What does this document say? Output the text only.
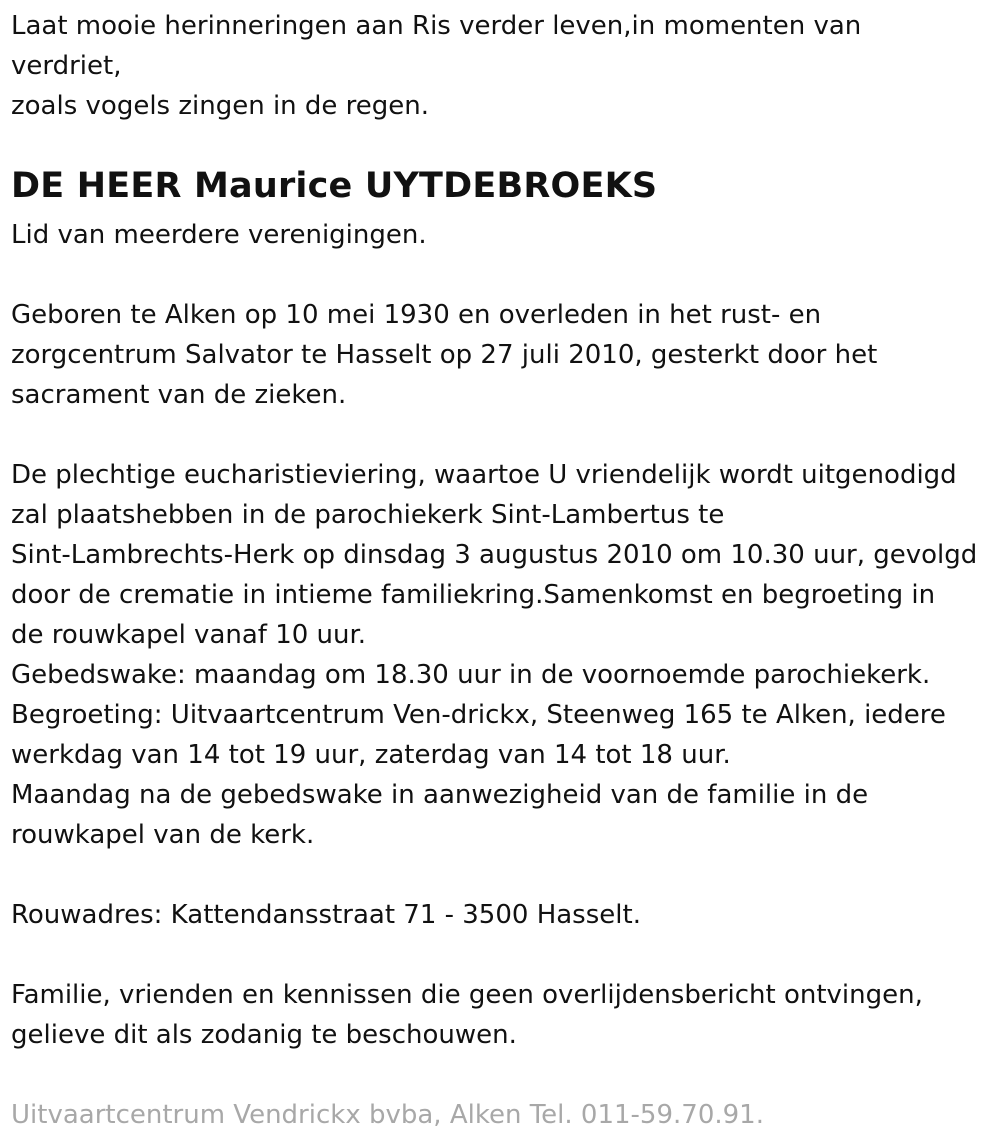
Laat mooie herinneringen aan Ris verder leven,in momenten van

verdriet,

zoals vogels zingen in de regen.

DE HEER Maurice UYTDEBROEKS

Lid van meerdere verenigingen.

Geboren te Alken op 10 mei 1930 en overleden in het rust- en

zorgcentrum Salvator te Hasselt op 27 juli 2010, gesterkt door het

sacrament van de zieken.

De plechtige eucharistieviering, waartoe U vriendelijk wordt uitgenodigd

zal plaatshebben in de parochiekerk Sint-Lambertus te

Sint-Lambrechts-Herk op dinsdag 3 augustus 2010 om 10.30 uur, gevolgd

door de crematie in intieme familiekring.Samenkomst en begroeting in

de rouwkapel vanaf 10 uur.

Gebedswake: maandag om 18.30 uur in de voornoemde parochiekerk.

Begroeting: Uitvaartcentrum Ven-drickx, Steenweg 165 te Alken, iedere

werkdag van 14 tot 19 uur, zaterdag van 14 tot 18 uur.

Maandag na de gebedswake in aanwezigheid van de familie in de

rouwkapel van de kerk.

Rouwadres: Kattendansstraat 71 - 3500 Hasselt.

Familie, vrienden en kennissen die geen overlijdensbericht ontvingen,

gelieve dit als zodanig te beschouwen.

Uitvaartcentrum Vendrickx bvba, Alken Tel. 011-59.70.91.
